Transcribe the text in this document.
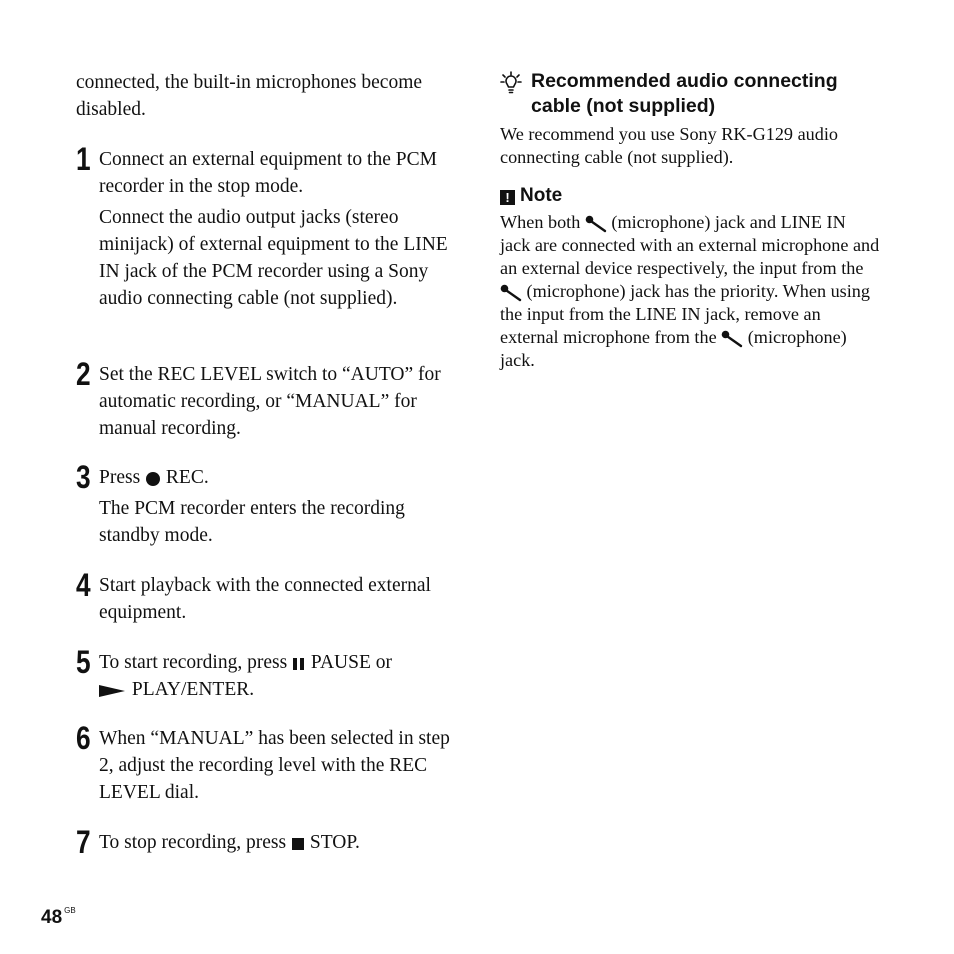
connected, the built-in microphones become disabled.
1 Connect an external equipment to the PCM recorder in the stop mode.
Connect the audio output jacks (stereo minijack) of external equipment to the LINE IN jack of the PCM recorder using a Sony audio connecting cable (not supplied).
2 Set the REC LEVEL switch to “AUTO” for automatic recording, or “MANUAL” for manual recording.
3 Press REC.
The PCM recorder enters the recording standby mode.
4 Start playback with the connected external equipment.
5 To start recording, press PAUSE or
PLAY/ENTER.
6 When “MANUAL” has been selected in step 2, adjust the recording level with the REC LEVEL dial.
7 To stop recording, press STOP.
Recommended audio connecting cable (not supplied)
We recommend you use Sony RK-G129 audio connecting cable (not supplied).
! Note
When both (microphone) jack and LINE IN jack are connected with an external microphone and an external device respectively, the input from the  (microphone) jack has the priority. When using the input from the LINE IN jack, remove an external microphone from the (microphone) jack.
48 $^{GB}$
